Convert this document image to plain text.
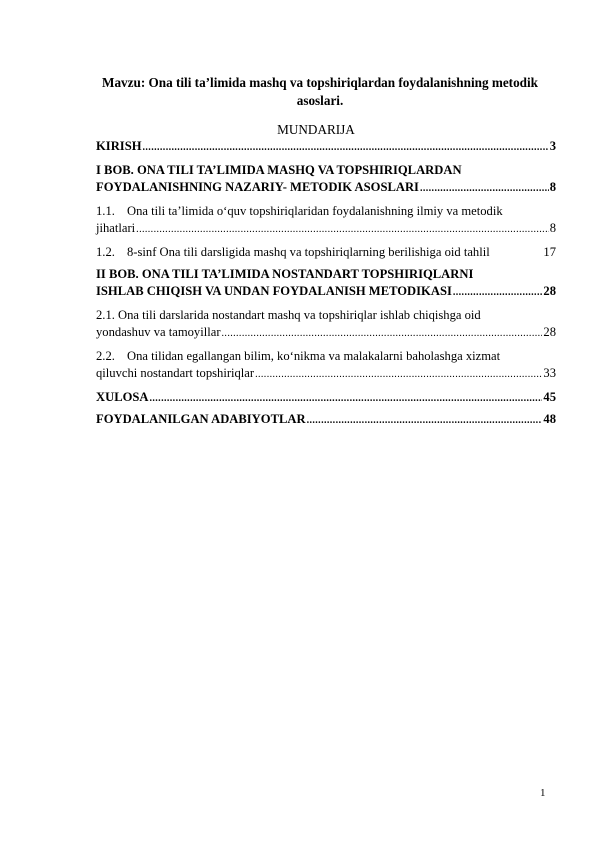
Mavzu: Ona tili ta’limida mashq va topshiriqlardan foydalanishning metodik
asoslari.
MUNDARIJA
KIRISH .....	3
I BOB. ONA TILI TA’LIMIDA MASHQ VA TOPSHIRIQLARDAN
FOYDALANISHNING NAZARIY- METODIK ASOSLARI .....	8
1.1. Ona tili ta’limida o‘quv topshiriqlaridan foydalanishning ilmiy va metodik
jihatlari .....	8
1.2. 8-sinf Ona tili darsligida mashq va topshiriqlarning berilishiga oid tahlil	17
II BOB. ONA TILI TA’LIMIDA NOSTANDART TOPSHIRIQLARNI
ISHLAB CHIQISH VA UNDAN FOYDALANISH METODIKASI .....	28
2.1. Ona tili darslarida nostandart mashq va topshiriqlar ishlab chiqishga oid
yondashuv va tamoyillar .....	28
2.2. Ona tilidan egallangan bilim, ko‘nikma va malakalarni baholashga xizmat
qiluvchi nostandart topshiriqlar .....	33
XULOSA .....	45
FOYDALANILGAN ADABIYOTLAR .....	48
1
